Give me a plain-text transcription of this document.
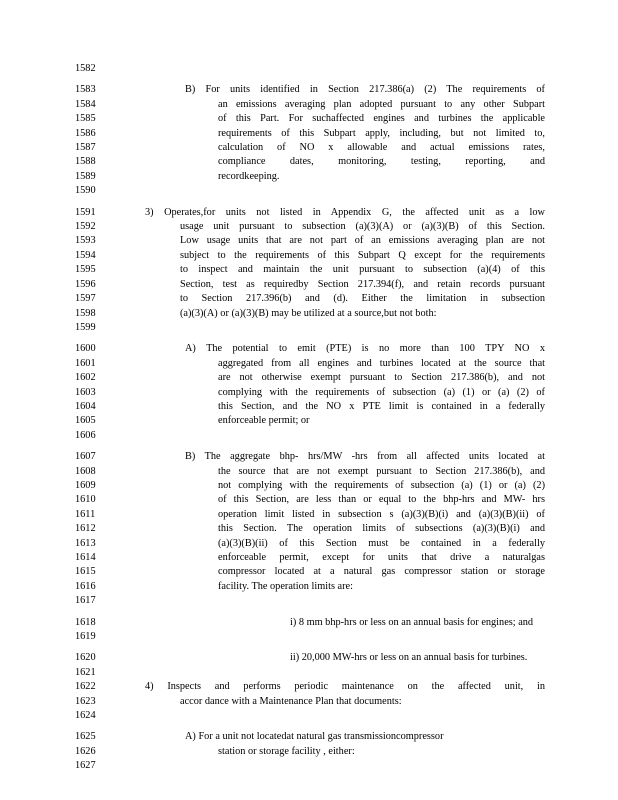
1582
1583	B) For units identified in Section 217.386(a) (2) The requirements of
1584	an emissions averaging plan adopted pursuant to any other Subpart
1585	of this Part. For suchaffected engines and turbines the applicable
1586	requirements of this Subpart apply, including, but not limited to,
1587	calculation of NO x allowable and actual emissions rates,
1588	compliance dates, monitoring, testing, reporting, and
1589	recordkeeping.
1590
1591	3) Operates,for units not listed in Appendix G, the affected unit as a low
1592	usage unit pursuant to subsection (a)(3)(A) or (a)(3)(B) of this Section.
1593	Low usage units that are not part of an emissions averaging plan are not
1594	subject to the requirements of this Subpart Q except for the requirements
1595	to inspect and maintain the unit pursuant to subsection (a)(4) of this
1596	Section, test as requiredby Section 217.394(f), and retain records pursuant
1597	to Section 217.396(b) and (d). Either the limitation in subsection
1598	(a)(3)(A) or (a)(3)(B) may be utilized at a source,but not both:
1599
1600	A) The potential to emit (PTE) is no more than 100 TPY NO x
1601	aggregated from all engines and turbines located at the source that
1602	are not otherwise exempt pursuant to Section 217.386(b), and not
1603	complying with the requirements of subsection (a) (1) or (a) (2) of
1604	this Section, and the NO x PTE limit is contained in a federally
1605	enforceable permit; or
1606
1607	B) The aggregate bhp- hrs/MW -hrs from all affected units located at
1608	the source that are not exempt pursuant to Section 217.386(b), and
1609	not complying with the requirements of subsection (a) (1) or (a) (2)
1610	of this Section, are less than or equal to the bhp-hrs and MW- hrs
1611	operation limit listed in subsection s (a)(3)(B)(i) and (a)(3)(B)(ii) of
1612	this Section. The operation limits of subsections (a)(3)(B)(i) and
1613	(a)(3)(B)(ii) of this Section must be contained in a federally
1614	enforceable permit, except for units that drive a naturalgas
1615	compressor located at a natural gas compressor station or storage
1616	facility. The operation limits are:
1617
1618	i) 8 mm bhp-hrs or less on an annual basis for engines; and
1619
1620	ii) 20,000 MW-hrs or less on an annual basis for turbines.
1621
1622	4) Inspects and performs periodic maintenance on the affected unit, in
1623	accor dance with a Maintenance Plan that documents:
1624
1625	A) For a unit not locatedat natural gas transmissioncompressor
1626	station or storage facility , either:
1627
